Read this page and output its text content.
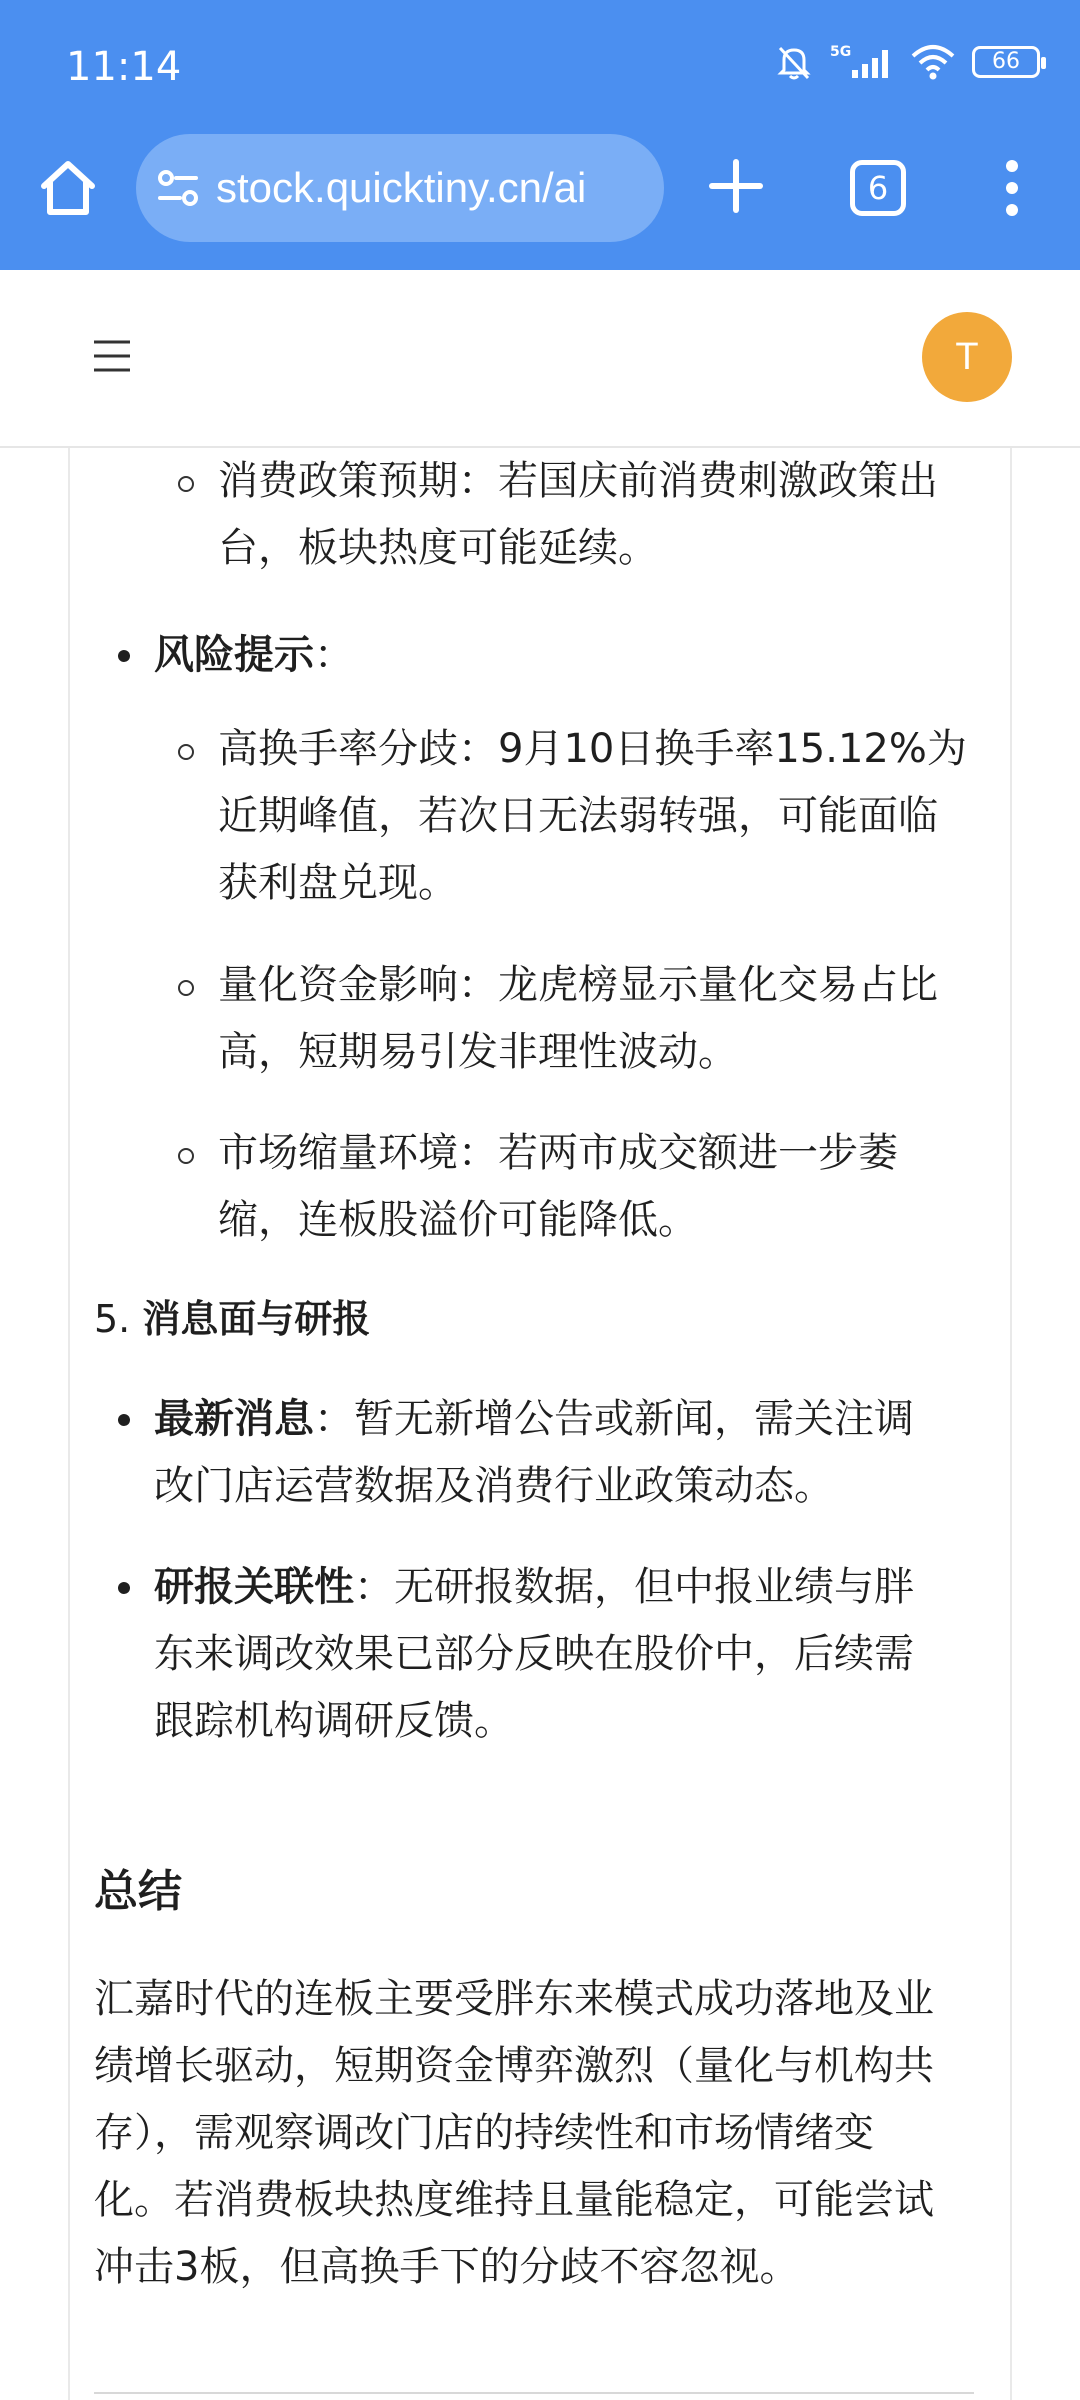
11:14	5G	66
stock.quicktiny.cn/ai	6
T
消费政策预期：若国庆前消费刺激政策出
台，板块热度可能延续。
风险提示：
高换手率分歧：9月10日换手率15.12%为
近期峰值，若次日无法弱转强，可能面临
获利盘兑现。
量化资金影响：龙虎榜显示量化交易占比
高，短期易引发非理性波动。
市场缩量环境：若两市成交额进一步萎
缩，连板股溢价可能降低。
5. 消息面与研报
最新消息：暂无新增公告或新闻，需关注调
改门店运营数据及消费行业政策动态。
研报关联性：无研报数据，但中报业绩与胖
东来调改效果已部分反映在股价中，后续需
跟踪机构调研反馈。
总结
汇嘉时代的连板主要受胖东来模式成功落地及业
绩增长驱动，短期资金博弈激烈（量化与机构共
存），需观察调改门店的持续性和市场情绪变
化。若消费板块热度维持且量能稳定，可能尝试
冲击3板，但高换手下的分歧不容忽视。
